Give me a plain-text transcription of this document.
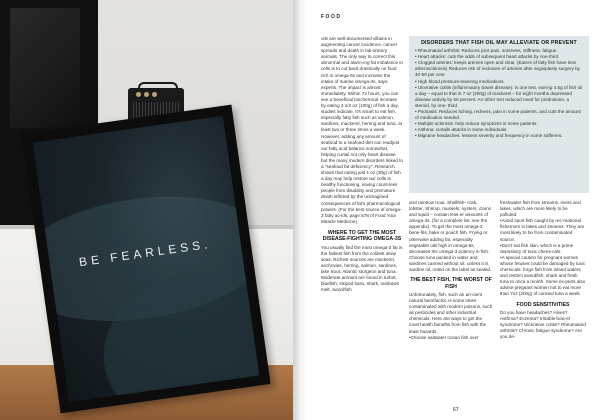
BE FEARLESS.
FOOD

oils are well-documented villains in augmenting cancer incidence, cancer spreads and death in lab-oratory animals. The only way to correct this abnormal and alarm-ing fat imbalance in cells is to cut back drastically on food rich in omega-6s and increase the intake of marine omega-3s, says experts. The impact is almost immediately. Within 72 hours, you can see a beneficial biochemical increase by eating 3 1/2 oz (100g) of fish a day, studies indicate. It's smart to eat fish, especially fatty fish such as salmon, sardines, mackerel, herring and tuna, at least two or three times a week. However, adding any amount of seafood to a seafood-diet can readjust our fatty acid balance somewhat, helping curtail not only heart disease but the many modern disorders linked to a "seafood fat deficiency". Research shows that eating just 1 oz (30g) of fish a day may help restore our cells to healthy functioning, saving count-less people from disability and premature death inflicted by the unimagined consequences of fat's pharmacological powers. (For the best source of omega-3 fatty ac-ids, page 578 of Food Your Miracle Medicine).

WHERE TO GET THE MOST DISEASE-FIGHTING OMEGA-3S

You usually find the most omega-3 fat in the fattiest fish from the coldest deep seas. Richest sources are mackerel, anchovies, herring, salmon, sardines, lake trout, Atlantic sturgeon and tuna. Moderate amount are found in turbot, bluefish, striped bass, shark, rainbows melt, swordfish

DISORDERS THAT FISH OIL MAY ALLEVIATE OR PREVENT
• Rheumatoid arthritis: Reduces joint pain, soreness, stiffness, fatigue.
• Heart attacks: cuts the odds of subsequent heart attacks by one-third.
• Clogged arteries: keeps arteries open and clear. (Eaters of fatty fish have less atherosclerosis) Reduces risk of reclosure of arteries after angioplasty surgery by 40-50 per cent
• High blood pressure-lowering medications.
• Ulcerative colitis (inflammatory bowel disease): in one test, eat-ing 4.5g of fish oil a day – equal to that in 7 oz (200g) of mackerel – for eight months depressed disease activity by 56 percent. An-other test reduced need for prednisone, a steroid, by one- third.
• Psoriasis: Reduces itching, redness, pain in some patients, and cuts the amount of medication needed.
• Multiple sclerosis: help reduce symptoms in some patients.
• Asthma: curtails attacks in some individuals.
• Migraine headaches: lessens severity and frequency in some sufferers.

and rainbow trout. Shellfish- crab, lobster, Shrimp, mussels, oysters, clams and squid – contain less-er amounts of omega-3s. (for a complete list, see the appendix). To get the most omega-3 bene-fits, bake or poach fish. Frying or otherwise adding fat, especially vegetable oils high in omega-6s, decreases the omega-3 potency in fish. Choose tuna packed in water and sardines canned without oil, unless it is sardine oil, noted on the label as sealed.

THE BEST FISH, THE WORST OF FISH

Unfortunately, fish, such an an-cient natural benefactor, is some times contaminated with modern poisons, such as pesticides and other industrial chemicals. Here are ways to get the most health benefits from fish with the least hazards.

•Choose saltwater ocean fish over

freshwater fish from streams, rivers and lakes, which are more likely to be polluted.

•Avoid sport fish caught by rec-reational fishermen in lakes and streams. They are most likely to be from contaminated source.

•Don't eat fish skin, which is a prime depository of toxic chemi-cals.

•A special caution for pregnant women whose fetuses could be damaged by toxic chemicals: forgo fish from inland waters and restrict swordfish, shark and fresh tuna to once a month. Some ex-perts also advise pregnant women not to eat more than 7oz (200g) of canned tuna a week.

FOOD SENSITIVITIES

Do you have headaches? Hives? Asthma? Eczema? Irritable bow-el syndrome? Ulcerative colitis? Rheumatoid arthritis? Chronic fatigue syndrome? Are you de-

67
